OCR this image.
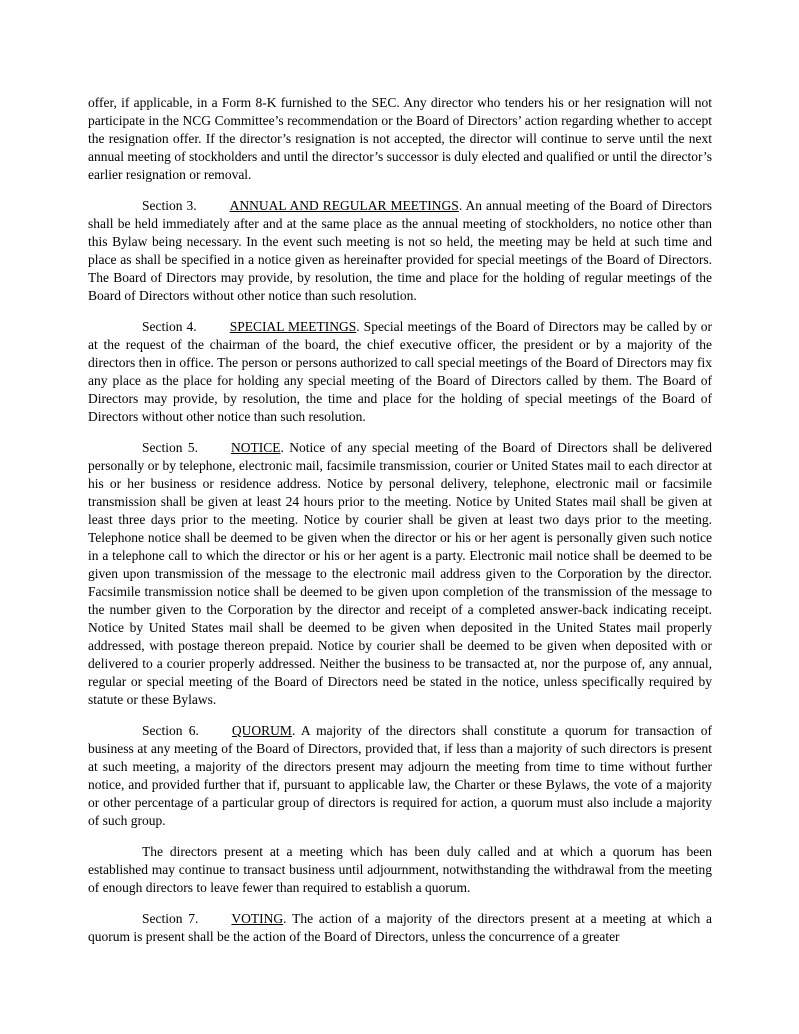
offer, if applicable, in a Form 8-K furnished to the SEC. Any director who tenders his or her resignation will not participate in the NCG Committee’s recommendation or the Board of Directors’ action regarding whether to accept the resignation offer. If the director’s resignation is not accepted, the director will continue to serve until the next annual meeting of stockholders and until the director’s successor is duly elected and qualified or until the director’s earlier resignation or removal.

Section 3. ANNUAL AND REGULAR MEETINGS. An annual meeting of the Board of Directors shall be held immediately after and at the same place as the annual meeting of stockholders, no notice other than this Bylaw being necessary. In the event such meeting is not so held, the meeting may be held at such time and place as shall be specified in a notice given as hereinafter provided for special meetings of the Board of Directors. The Board of Directors may provide, by resolution, the time and place for the holding of regular meetings of the Board of Directors without other notice than such resolution.

Section 4. SPECIAL MEETINGS. Special meetings of the Board of Directors may be called by or at the request of the chairman of the board, the chief executive officer, the president or by a majority of the directors then in office. The person or persons authorized to call special meetings of the Board of Directors may fix any place as the place for holding any special meeting of the Board of Directors called by them. The Board of Directors may provide, by resolution, the time and place for the holding of special meetings of the Board of Directors without other notice than such resolution.

Section 5. NOTICE. Notice of any special meeting of the Board of Directors shall be delivered personally or by telephone, electronic mail, facsimile transmission, courier or United States mail to each director at his or her business or residence address. Notice by personal delivery, telephone, electronic mail or facsimile transmission shall be given at least 24 hours prior to the meeting. Notice by United States mail shall be given at least three days prior to the meeting. Notice by courier shall be given at least two days prior to the meeting. Telephone notice shall be deemed to be given when the director or his or her agent is personally given such notice in a telephone call to which the director or his or her agent is a party. Electronic mail notice shall be deemed to be given upon transmission of the message to the electronic mail address given to the Corporation by the director. Facsimile transmission notice shall be deemed to be given upon completion of the transmission of the message to the number given to the Corporation by the director and receipt of a completed answer-back indicating receipt. Notice by United States mail shall be deemed to be given when deposited in the United States mail properly addressed, with postage thereon prepaid. Notice by courier shall be deemed to be given when deposited with or delivered to a courier properly addressed. Neither the business to be transacted at, nor the purpose of, any annual, regular or special meeting of the Board of Directors need be stated in the notice, unless specifically required by statute or these Bylaws.

Section 6. QUORUM. A majority of the directors shall constitute a quorum for transaction of business at any meeting of the Board of Directors, provided that, if less than a majority of such directors is present at such meeting, a majority of the directors present may adjourn the meeting from time to time without further notice, and provided further that if, pursuant to applicable law, the Charter or these Bylaws, the vote of a majority or other percentage of a particular group of directors is required for action, a quorum must also include a majority of such group.

The directors present at a meeting which has been duly called and at which a quorum has been established may continue to transact business until adjournment, notwithstanding the withdrawal from the meeting of enough directors to leave fewer than required to establish a quorum.

Section 7. VOTING. The action of a majority of the directors present at a meeting at which a quorum is present shall be the action of the Board of Directors, unless the concurrence of a greater
